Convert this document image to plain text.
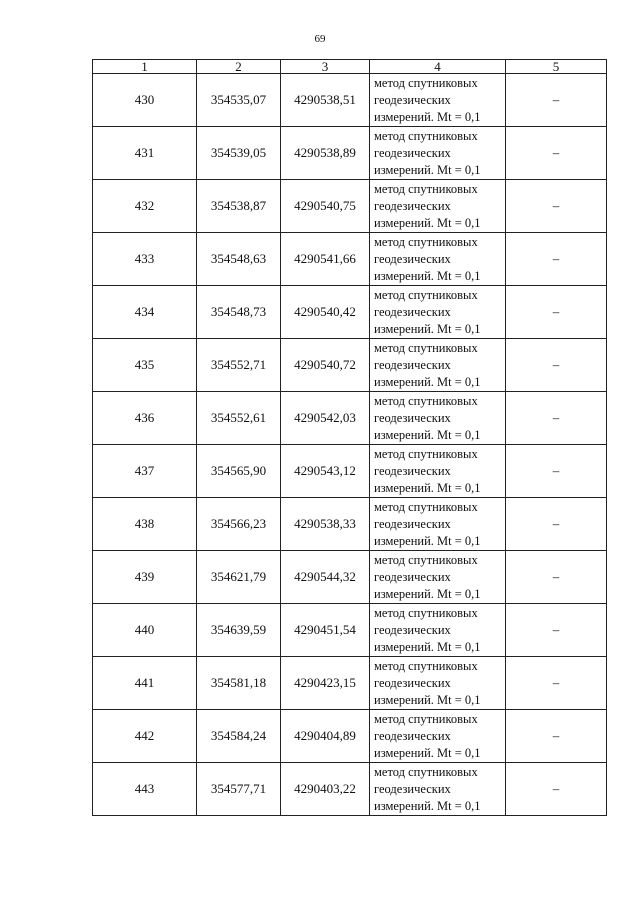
69
1	2	3	4	5
430	354535,07	4290538,51	метод спутниковых
геодезических
измерений. Mt = 0,1	–
431	354539,05	4290538,89	метод спутниковых
геодезических
измерений. Mt = 0,1	–
432	354538,87	4290540,75	метод спутниковых
геодезических
измерений. Mt = 0,1	–
433	354548,63	4290541,66	метод спутниковых
геодезических
измерений. Mt = 0,1	–
434	354548,73	4290540,42	метод спутниковых
геодезических
измерений. Mt = 0,1	–
435	354552,71	4290540,72	метод спутниковых
геодезических
измерений. Mt = 0,1	–
436	354552,61	4290542,03	метод спутниковых
геодезических
измерений. Mt = 0,1	–
437	354565,90	4290543,12	метод спутниковых
геодезических
измерений. Mt = 0,1	–
438	354566,23	4290538,33	метод спутниковых
геодезических
измерений. Mt = 0,1	–
439	354621,79	4290544,32	метод спутниковых
геодезических
измерений. Mt = 0,1	–
440	354639,59	4290451,54	метод спутниковых
геодезических
измерений. Mt = 0,1	–
441	354581,18	4290423,15	метод спутниковых
геодезических
измерений. Mt = 0,1	–
442	354584,24	4290404,89	метод спутниковых
геодезических
измерений. Mt = 0,1	–
443	354577,71	4290403,22	метод спутниковых
геодезических
измерений. Mt = 0,1	–
